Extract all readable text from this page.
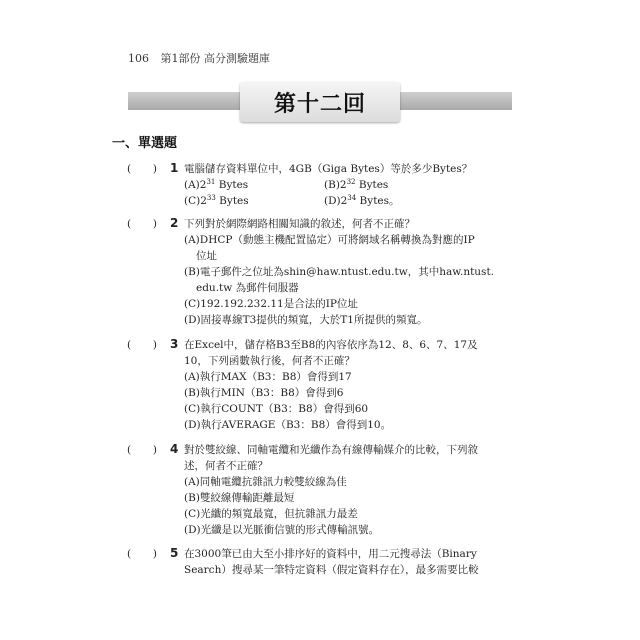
106 第1部份 高分測驗題庫
第十二回
一、單選題
( ) 1 電腦儲存資料單位中，4GB（Giga Bytes）等於多少Bytes？
$(A)2^{31}$ Bytes	$(B)2^{32}$ Bytes
$(C)2^{33}$ Bytes	$(D)2^{34}$ Bytes。
( ) 2 下列對於網際網路相關知識的敘述，何者不正確？
(A)DHCP（動態主機配置協定）可將網域名稱轉換為對應的IP
位址
(B)電子郵件之位址為shin@haw.ntust.edu.tw，其中haw.ntust.
edu.tw 為郵件伺服器
(C)192.192.232.11是合法的IP位址
(D)固接專線T3提供的頻寬，大於T1所提供的頻寬。
( ) 3 在Excel中，儲存格B3至B8的內容依序為12、8、6、7、17及
10，下列函數執行後，何者不正確？
(A)執行MAX（B3：B8）會得到17
(B)執行MIN（B3：B8）會得到6
(C)執行COUNT（B3：B8）會得到60
(D)執行AVERAGE（B3：B8）會得到10。
( ) 4 對於雙絞線、同軸電纜和光纖作為有線傳輸媒介的比較，下列敘
述，何者不正確？
(A)同軸電纜抗雜訊力較雙絞線為佳
(B)雙絞線傳輸距離最短
(C)光纖的頻寬最寬，但抗雜訊力最差
(D)光纖是以光脈衝信號的形式傳輸訊號。
( ) 5 在3000筆已由大至小排序好的資料中，用二元搜尋法（Binary
Search）搜尋某一筆特定資料（假定資料存在），最多需要比較
